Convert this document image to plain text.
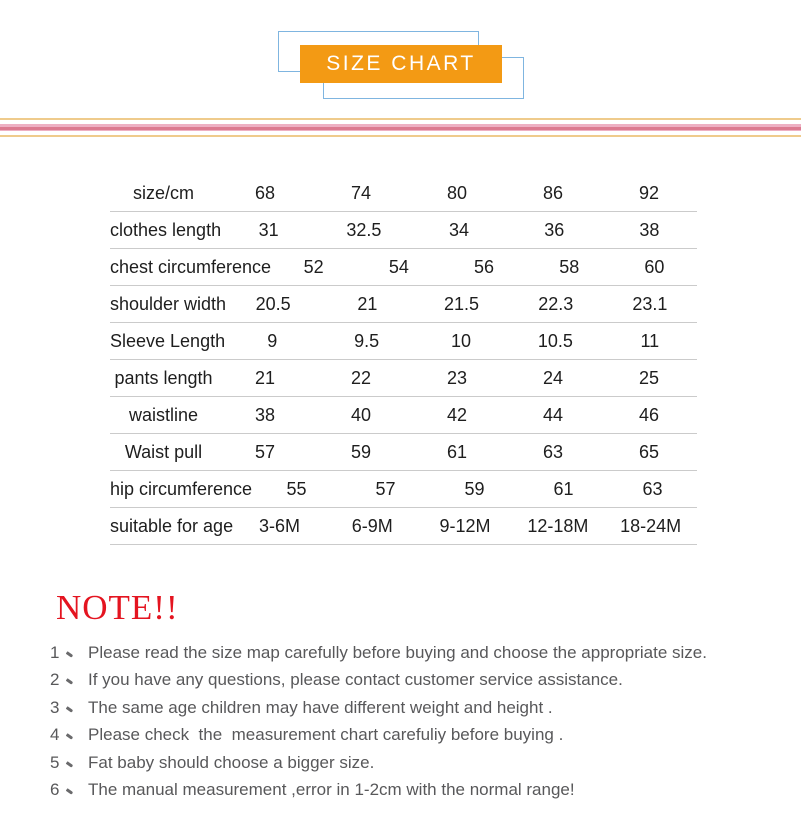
SIZE CHART
size/cm	68	74	80	86	92
clothes length	31	32.5	34	36	38
chest circumference	52	54	56	58	60
shoulder width	20.5	21	21.5	22.3	23.1
Sleeve Length	9	9.5	10	10.5	11
pants length	21	22	23	24	25
waistline	38	40	42	44	46
Waist pull	57	59	61	63	65
hip circumference	55	57	59	61	63
suitable for age	3-6M	6-9M	9-12M	12-18M	18-24M
NOTE!!
1 Please read the size map carefully before buying and choose the appropriate size.
2 If you have any questions, please contact customer service assistance.
3 The same age children may have different weight and height .
4 Please check  the  measurement chart carefuliy before buying .
5 Fat baby should choose a bigger size.
6 The manual measurement ,error in 1-2cm with the normal range!
